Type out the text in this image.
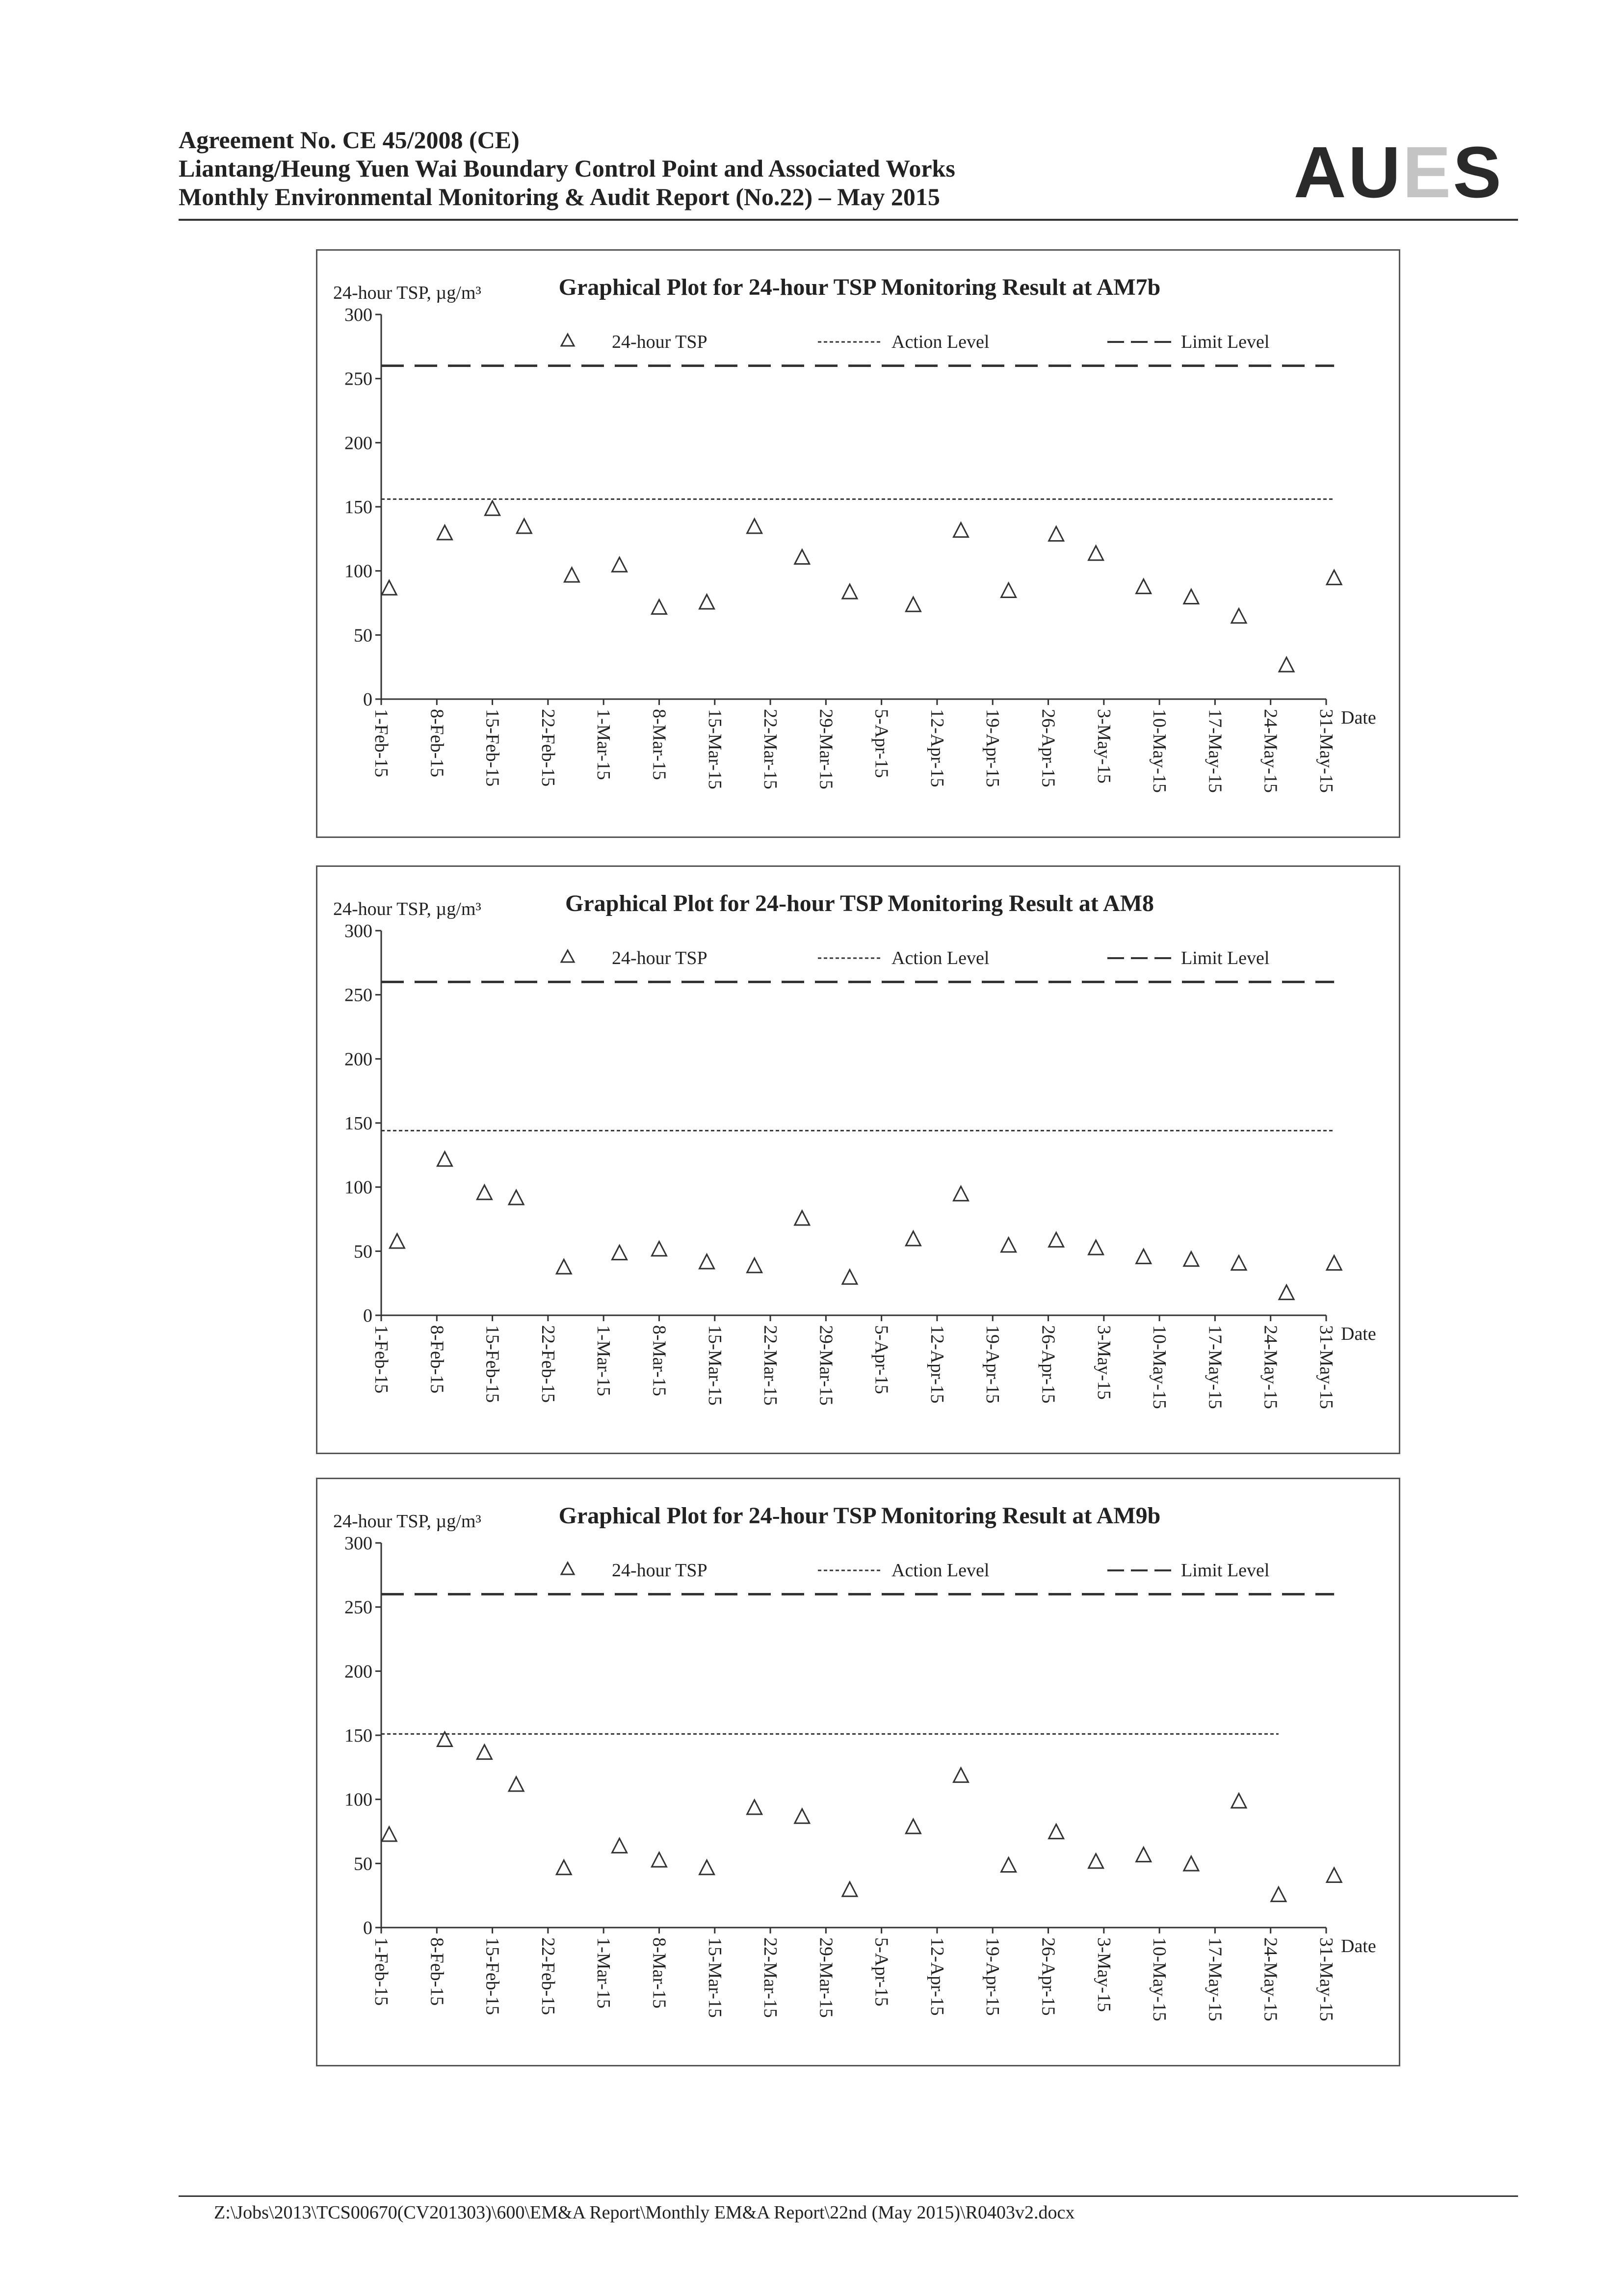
Agreement No. CE 45/2008 (CE)
Liantang/Heung Yuen Wai Boundary Control Point and Associated Works
Monthly Environmental Monitoring & Audit Report (No.22) – May 2015	AUES
Graphical Plot for 24-hour TSP Monitoring Result at AM7b
24-hour TSP, µg/m³
0
50
100
150
200
250
300
1-Feb-15 8-Feb-15 15-Feb-15 22-Feb-15 1-Mar-15 8-Mar-15 15-Mar-15 22-Mar-15 29-Mar-15 5-Apr-15 12-Apr-15 19-Apr-15 26-Apr-15 3-May-15 10-May-15 17-May-15 24-May-15 31-May-15 Date
24-hour TSP	Action Level	Limit Level
Graphical Plot for 24-hour TSP Monitoring Result at AM8
24-hour TSP, µg/m³
0
50
100
150
200
250
300
1-Feb-15 8-Feb-15 15-Feb-15 22-Feb-15 1-Mar-15 8-Mar-15 15-Mar-15 22-Mar-15 29-Mar-15 5-Apr-15 12-Apr-15 19-Apr-15 26-Apr-15 3-May-15 10-May-15 17-May-15 24-May-15 31-May-15 Date
24-hour TSP	Action Level	Limit Level
Graphical Plot for 24-hour TSP Monitoring Result at AM9b
24-hour TSP, µg/m³
0
50
100
150
200
250
300
1-Feb-15 8-Feb-15 15-Feb-15 22-Feb-15 1-Mar-15 8-Mar-15 15-Mar-15 22-Mar-15 29-Mar-15 5-Apr-15 12-Apr-15 19-Apr-15 26-Apr-15 3-May-15 10-May-15 17-May-15 24-May-15 31-May-15 Date
24-hour TSP	Action Level	Limit Level
Z:\Jobs\2013\TCS00670(CV201303)\600\EM&A Report\Monthly EM&A Report\22nd (May 2015)\R0403v2.docx
